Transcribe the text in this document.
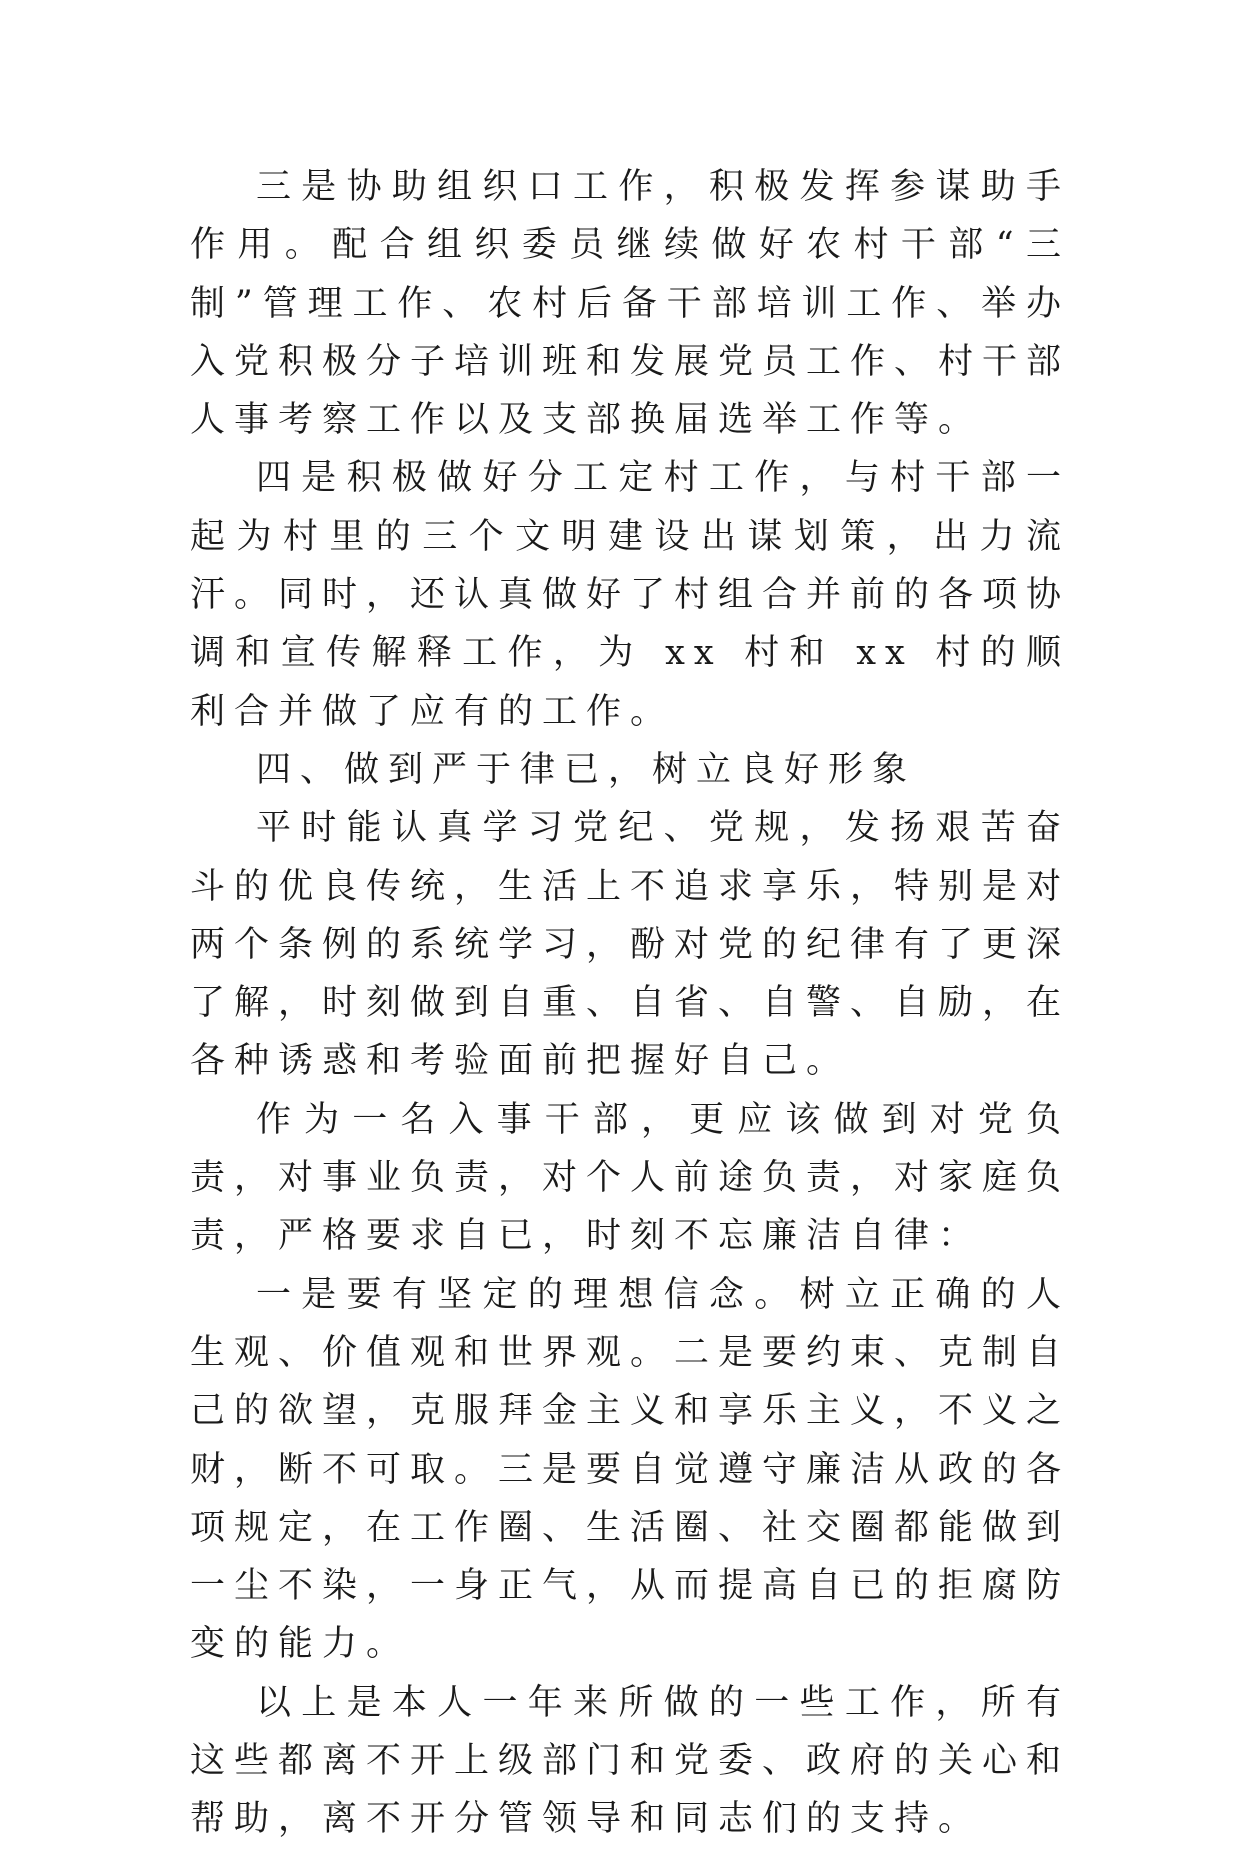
三是协助组织口工作，积极发挥参谋助手作用。配合组织委员继续做好农村干部“三制”管理工作、农村后备干部培训工作、举办入党积极分子培训班和发展党员工作、村干部人事考察工作以及支部换届选举工作等。

四是积极做好分工定村工作，与村干部一起为村里的三个文明建设出谋划策，出力流汗。同时，还认真做好了村组合并前的各项协调和宣传解释工作，为 xx 村和 xx 村的顺利合并做了应有的工作。

四、做到严于律已，树立良好形象

平时能认真学习党纪、党规，发扬艰苦奋斗的优良传统，生活上不追求享乐，特别是对两个条例的系统学习，酚对党的纪律有了更深了解，时刻做到自重、自省、自警、自励，在各种诱惑和考验面前把握好自己。

作为一名入事干部，更应该做到对党负责，对事业负责，对个人前途负责，对家庭负责，严格要求自已，时刻不忘廉洁自律：

一是要有坚定的理想信念。树立正确的人生观、价值观和世界观。二是要约束、克制自己的欲望，克服拜金主义和享乐主义，不义之财，断不可取。三是要自觉遵守廉洁从政的各项规定，在工作圈、生活圈、社交圈都能做到一尘不染，一身正气，从而提高自已的拒腐防变的能力。

以上是本人一年来所做的一些工作，所有这些都离不开上级部门和党委、政府的关心和帮助，离不开分管领导和同志们的支持。
